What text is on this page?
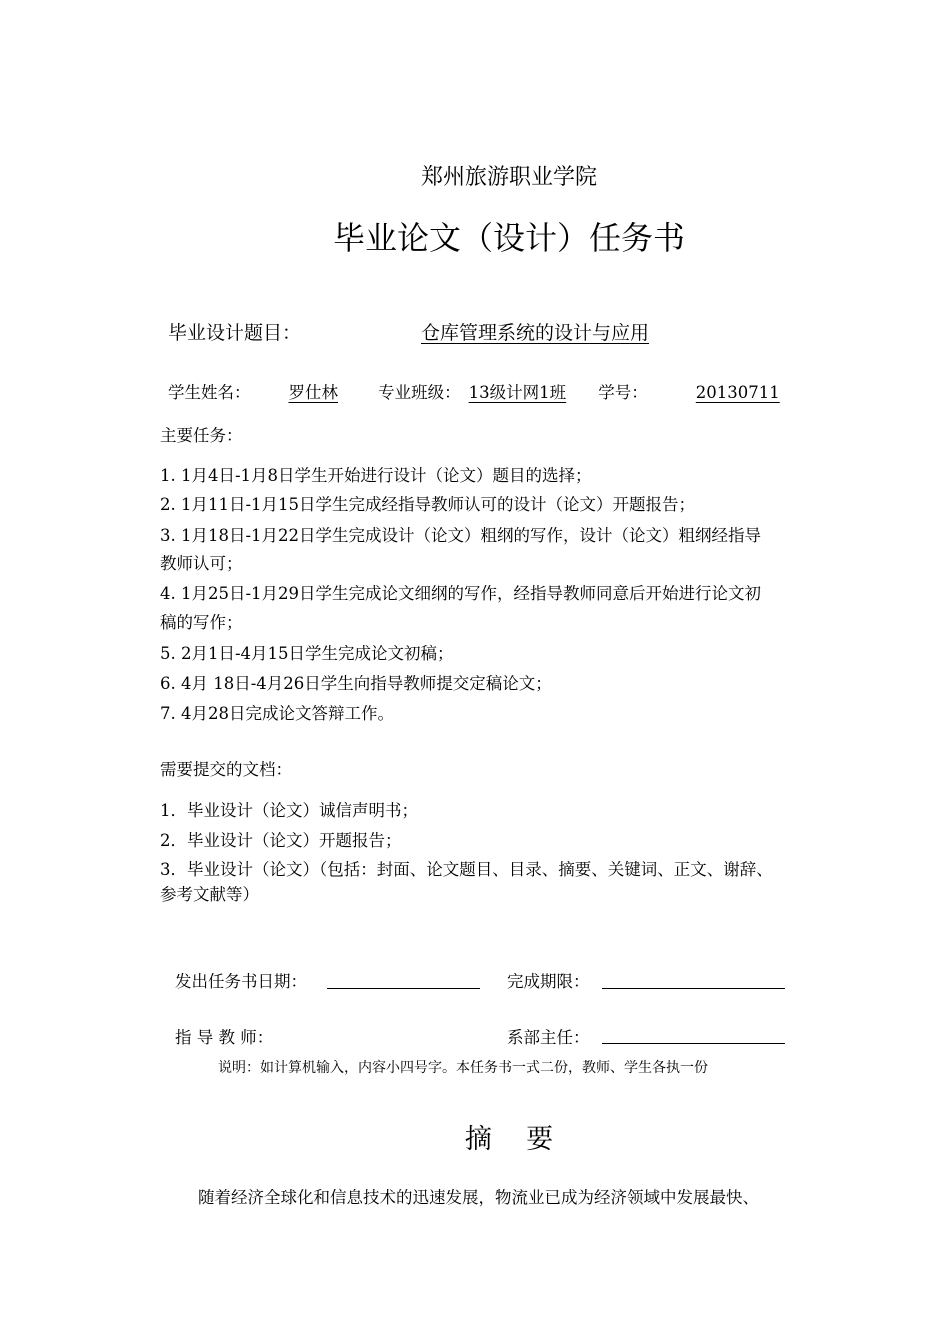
郑州旅游职业学院
毕业论文（设计）任务书
毕业设计题目：	仓库管理系统的设计与应用
学生姓名： 罗仕林 专业班级： 13级计网1班 学号：	20130711
主要任务：
1. 1月4日-1月8日学生开始进行设计（论文）题目的选择；
2. 1月11日-1月15日学生完成经指导教师认可的设计（论文）开题报告；
3. 1月18日-1月22日学生完成设计（论文）粗纲的写作，设计（论文）粗纲经指导
教师认可；
4. 1月25日-1月29日学生完成论文细纲的写作，经指导教师同意后开始进行论文初
稿的写作；
5. 2月1日-4月15日学生完成论文初稿；
6. 4月 18日-4月26日学生向指导教师提交定稿论文；
7. 4月28日完成论文答辩工作。
需要提交的文档：
1．毕业设计（论文）诚信声明书；
2．毕业设计（论文）开题报告；
3．毕业设计（论文）（包括：封面、论文题目、目录、摘要、关键词、正文、谢辞、
参考文献等）
发出任务书日期：	完成期限：
指 导 教 师：	系部主任：
说明：如计算机输入，内容小四号字。本任务书一式二份，教师、学生各执一份
摘    要
随着经济全球化和信息技术的迅速发展，物流业已成为经济领域中发展最快、
